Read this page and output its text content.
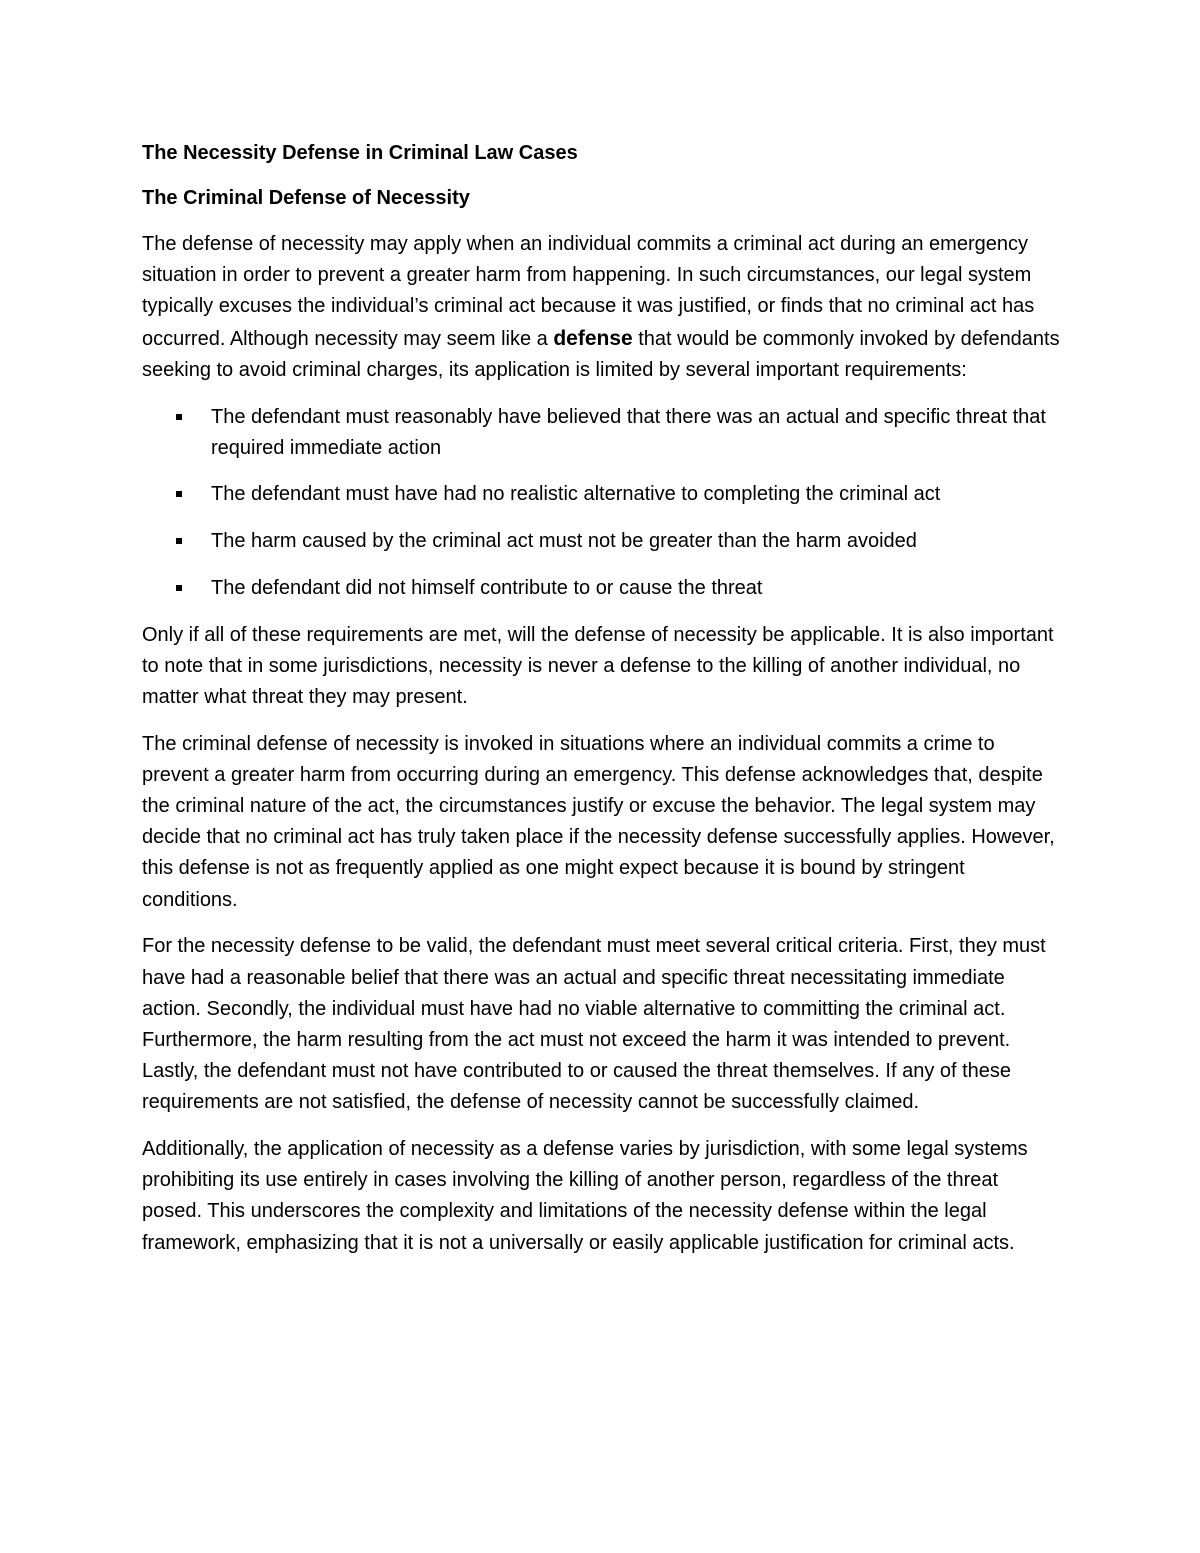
The Necessity Defense in Criminal Law Cases
The Criminal Defense of Necessity

The defense of necessity may apply when an individual commits a criminal act during an emergency situation in order to prevent a greater harm from happening. In such circumstances, our legal system typically excuses the individual’s criminal act because it was justified, or finds that no criminal act has occurred. Although necessity may seem like a defense that would be commonly invoked by defendants seeking to avoid criminal charges, its application is limited by several important requirements:

The defendant must reasonably have believed that there was an actual and specific threat that required immediate action
The defendant must have had no realistic alternative to completing the criminal act
The harm caused by the criminal act must not be greater than the harm avoided
The defendant did not himself contribute to or cause the threat

Only if all of these requirements are met, will the defense of necessity be applicable. It is also important to note that in some jurisdictions, necessity is never a defense to the killing of another individual, no matter what threat they may present.

The criminal defense of necessity is invoked in situations where an individual commits a crime to prevent a greater harm from occurring during an emergency. This defense acknowledges that, despite the criminal nature of the act, the circumstances justify or excuse the behavior. The legal system may decide that no criminal act has truly taken place if the necessity defense successfully applies. However, this defense is not as frequently applied as one might expect because it is bound by stringent conditions.

For the necessity defense to be valid, the defendant must meet several critical criteria. First, they must have had a reasonable belief that there was an actual and specific threat necessitating immediate action. Secondly, the individual must have had no viable alternative to committing the criminal act. Furthermore, the harm resulting from the act must not exceed the harm it was intended to prevent. Lastly, the defendant must not have contributed to or caused the threat themselves. If any of these requirements are not satisfied, the defense of necessity cannot be successfully claimed.

Additionally, the application of necessity as a defense varies by jurisdiction, with some legal systems prohibiting its use entirely in cases involving the killing of another person, regardless of the threat posed. This underscores the complexity and limitations of the necessity defense within the legal framework, emphasizing that it is not a universally or easily applicable justification for criminal acts.
